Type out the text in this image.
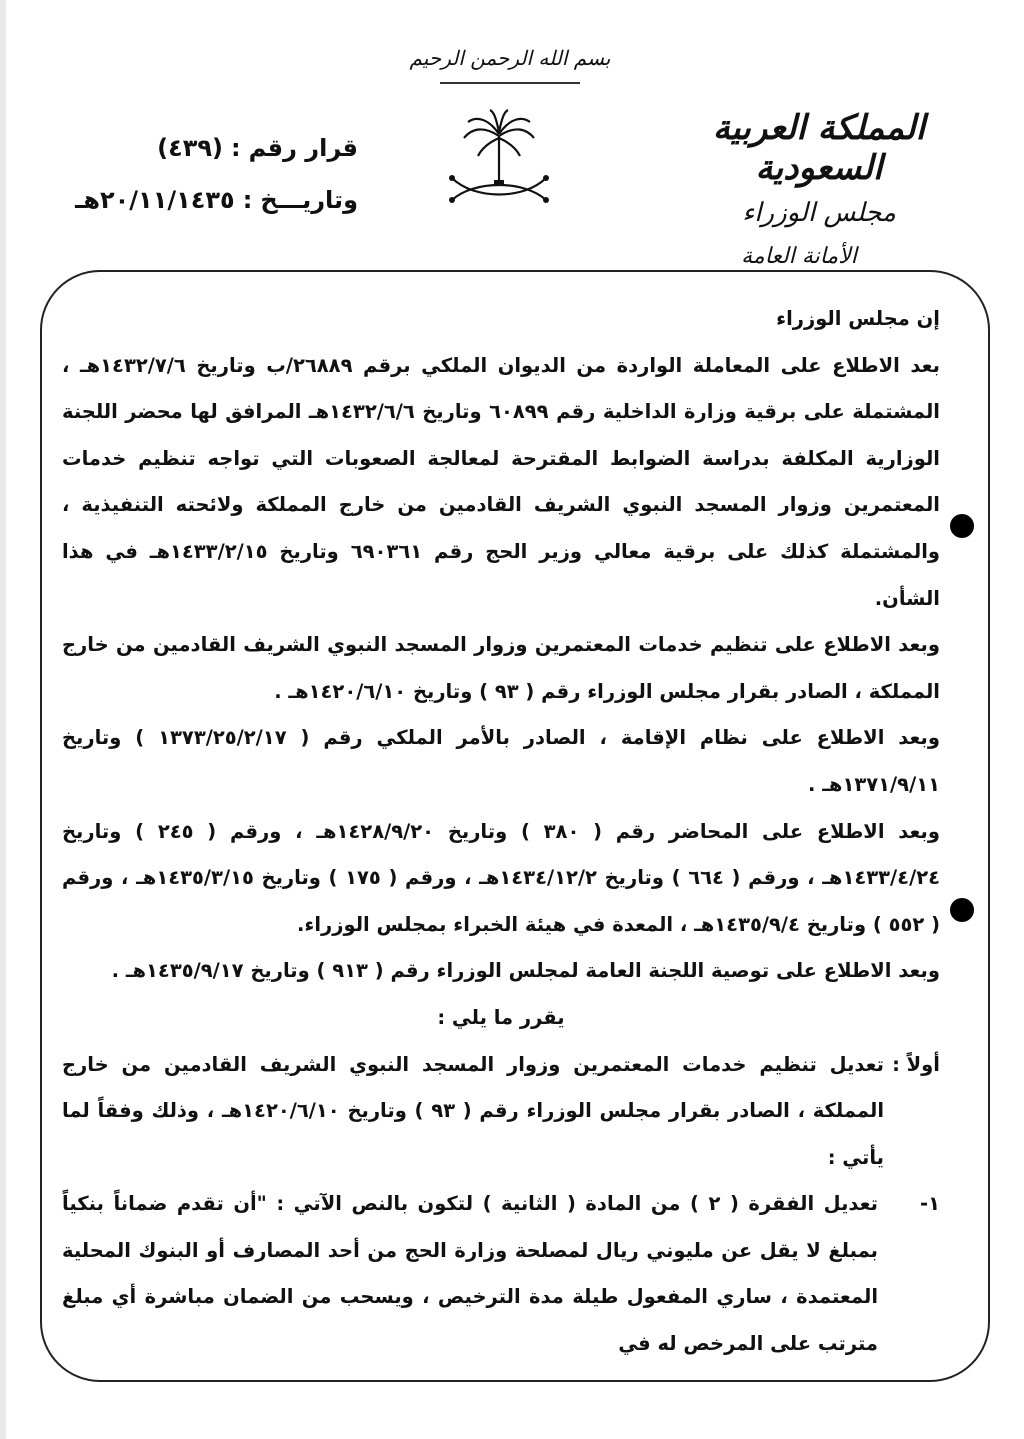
بسم الله الرحمن الرحيم
المملكة العربية السعودية
مجلس الوزراء
الأمانة العامة
قرار رقم
:
(٤٣٩)
وتاريـــخ
:
٢٠/١١/١٤٣٥هـ

إن مجلس الوزراء

بعد الاطلاع على المعاملة الواردة من الديوان الملكي برقم ٢٦٨٨٩/ب وتاريخ ١٤٣٢/٧/٦هـ ، المشتملة على برقية وزارة الداخلية رقم ٦٠٨٩٩ وتاريخ ١٤٣٢/٦/٦هـ المرافق لها محضر اللجنة الوزارية المكلفة بدراسة الضوابط المقترحة لمعالجة الصعوبات التي تواجه تنظيم خدمات المعتمرين وزوار المسجد النبوي الشريف القادمين من خارج المملكة ولائحته التنفيذية ، والمشتملة كذلك على برقية معالي وزير الحج رقم ٦٩٠٣٦١ وتاريخ ١٤٣٣/٢/١٥هـ في هذا الشأن.

وبعد الاطلاع على تنظيم خدمات المعتمرين وزوار المسجد النبوي الشريف القادمين من خارج المملكة ، الصادر بقرار مجلس الوزراء رقم ( ٩٣ ) وتاريخ ١٤٢٠/٦/١٠هـ .

وبعد الاطلاع على نظام الإقامة ، الصادر بالأمر الملكي رقم ( ١٣٧٣/٢٥/٢/١٧ ) وتاريخ ١٣٧١/٩/١١هـ .

وبعد الاطلاع على المحاضر رقم ( ٣٨٠ ) وتاريخ ١٤٢٨/٩/٢٠هـ ، ورقم ( ٢٤٥ ) وتاريخ ١٤٣٣/٤/٢٤هـ ، ورقم ( ٦٦٤ ) وتاريخ ١٤٣٤/١٢/٢هـ ، ورقم ( ١٧٥ ) وتاريخ ١٤٣٥/٣/١٥هـ ، ورقم ( ٥٥٢ ) وتاريخ ١٤٣٥/٩/٤هـ ، المعدة في هيئة الخبراء بمجلس الوزراء.

وبعد الاطلاع على توصية اللجنة العامة لمجلس الوزراء رقم ( ٩١٣ ) وتاريخ ١٤٣٥/٩/١٧هـ .

يقرر ما يلي :

أولاً :
تعديل تنظيم خدمات المعتمرين وزوار المسجد النبوي الشريف القادمين من خارج المملكة ، الصادر بقرار مجلس الوزراء رقم ( ٩٣ ) وتاريخ ١٤٢٠/٦/١٠هـ ، وذلك وفقاً لما يأتي :
١-
تعديل الفقرة ( ٢ ) من المادة ( الثانية ) لتكون بالنص الآتي : "أن تقدم ضماناً بنكياً بمبلغ لا يقل عن مليوني ريال لمصلحة وزارة الحج من أحد المصارف أو البنوك المحلية المعتمدة ، ساري المفعول طيلة مدة الترخيص ، ويسحب من الضمان مباشرة أي مبلغ مترتب على المرخص له في
